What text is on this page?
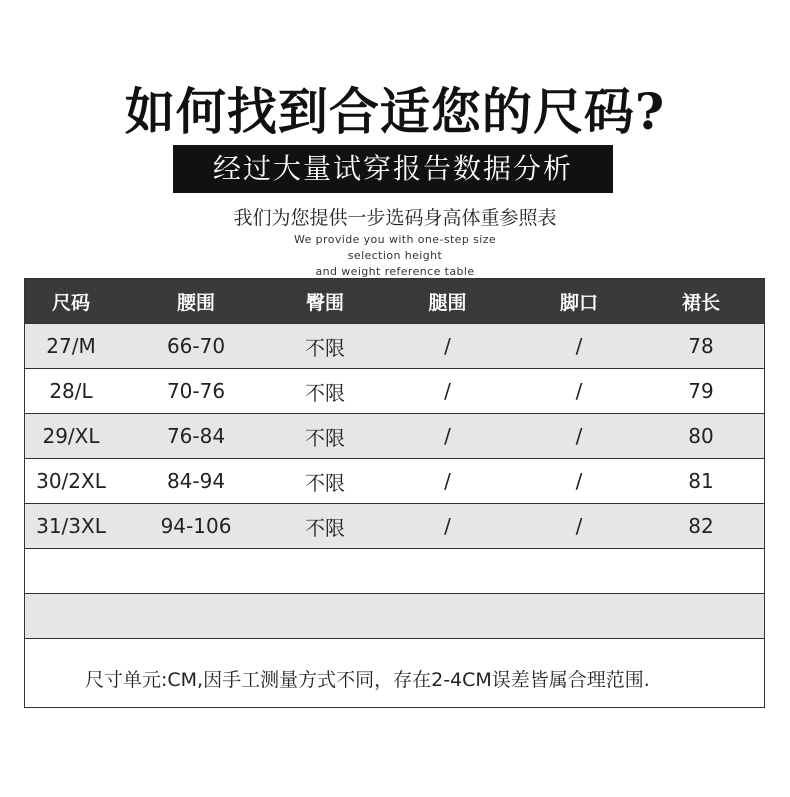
如何找到合适您的尺码?
经过大量试穿报告数据分析
我们为您提供一步选码身高体重参照表
We provide you with one-step size selection height
and weight reference table
尺码	腰围	臀围	腿围	脚口	裙长
27/M	66-70	不限	/	/	78
28/L	70-76	不限	/	/	79
29/XL	76-84	不限	/	/	80
30/2XL	84-94	不限	/	/	81
31/3XL	94-106	不限	/	/	82
尺寸单元:CM,因手工测量方式不同，存在2-4CM误差皆属合理范围.
